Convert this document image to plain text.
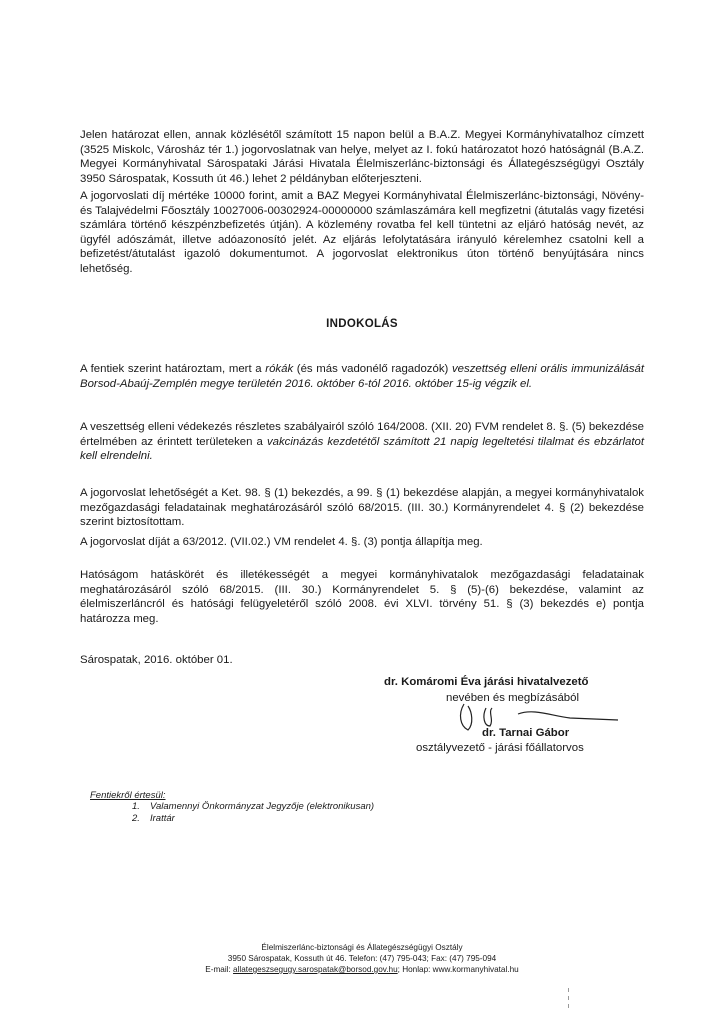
Jelen határozat ellen, annak közlésétől számított 15 napon belül a B.A.Z. Megyei Kormányhivatalhoz címzett (3525 Miskolc, Városház tér 1.) jogorvoslatnak van helye, melyet az I. fokú határozatot hozó hatóságnál (B.A.Z. Megyei Kormányhivatal Sárospataki Járási Hivatala Élelmiszerlánc-biztonsági és Állategészségügyi Osztály 3950 Sárospatak, Kossuth út 46.) lehet 2 példányban előterjeszteni.

A jogorvoslati díj mértéke 10000 forint, amit a BAZ Megyei Kormányhivatal Élelmiszerlánc-biztonsági, Növény- és Talajvédelmi Főosztály 10027006-00302924-00000000 számlaszámára kell megfizetni (átutalás vagy fizetési számlára történő készpénzbefizetés útján). A közlemény rovatba fel kell tüntetni az eljáró hatóság nevét, az ügyfél adószámát, illetve adóazonosító jelét. Az eljárás lefolytatására irányuló kérelemhez csatolni kell a befizetést/átutalást igazoló dokumentumot. A jogorvoslat elektronikus úton történő benyújtására nincs lehetőség.

INDOKOLÁS

A fentiek szerint határoztam, mert a rókák (és más vadonélő ragadozók) veszettség elleni orális immunizálását Borsod-Abaúj-Zemplén megye területén 2016. október 6-tól 2016. október 15-ig végzik el.

A veszettség elleni védekezés részletes szabályairól szóló 164/2008. (XII. 20) FVM rendelet 8. §. (5) bekezdése értelmében az érintett területeken a vakcinázás kezdetétől számított 21 napig legeltetési tilalmat és ebzárlatot kell elrendelni.

A jogorvoslat lehetőségét a Ket. 98. § (1) bekezdés, a 99. § (1) bekezdése alapján, a megyei kormányhivatalok mezőgazdasági feladatainak meghatározásáról szóló 68/2015. (III. 30.) Kormányrendelet 4. § (2) bekezdése szerint biztosítottam.

A jogorvoslat díját a 63/2012. (VII.02.) VM rendelet 4. §. (3) pontja állapítja meg.

Hatóságom hatáskörét és illetékességét a megyei kormányhivatalok mezőgazdasági feladatainak meghatározásáról szóló 68/2015. (III. 30.) Kormányrendelet 5. § (5)-(6) bekezdése, valamint az élelmiszerláncról és hatósági felügyeletéről szóló 2008. évi XLVI. törvény 51. § (3) bekezdés e) pontja határozza meg.

Sárospatak, 2016. október 01.
dr. Komáromi Éva járási hivatalvezető
nevében és megbízásából
dr. Tarnai Gábor
osztályvezető - járási főállatorvos
Fentiekről értesül:
1. Valamennyi Önkormányzat Jegyzője (elektronikusan)
2. Irattár
Élelmiszerlánc-biztonsági és Állategészségügyi Osztály
3950 Sárospatak, Kossuth út 46. Telefon: (47) 795-043; Fax: (47) 795-094
E-mail: allategeszsegugy.sarospatak@borsod.gov.hu; Honlap: www.kormanyhivatal.hu
